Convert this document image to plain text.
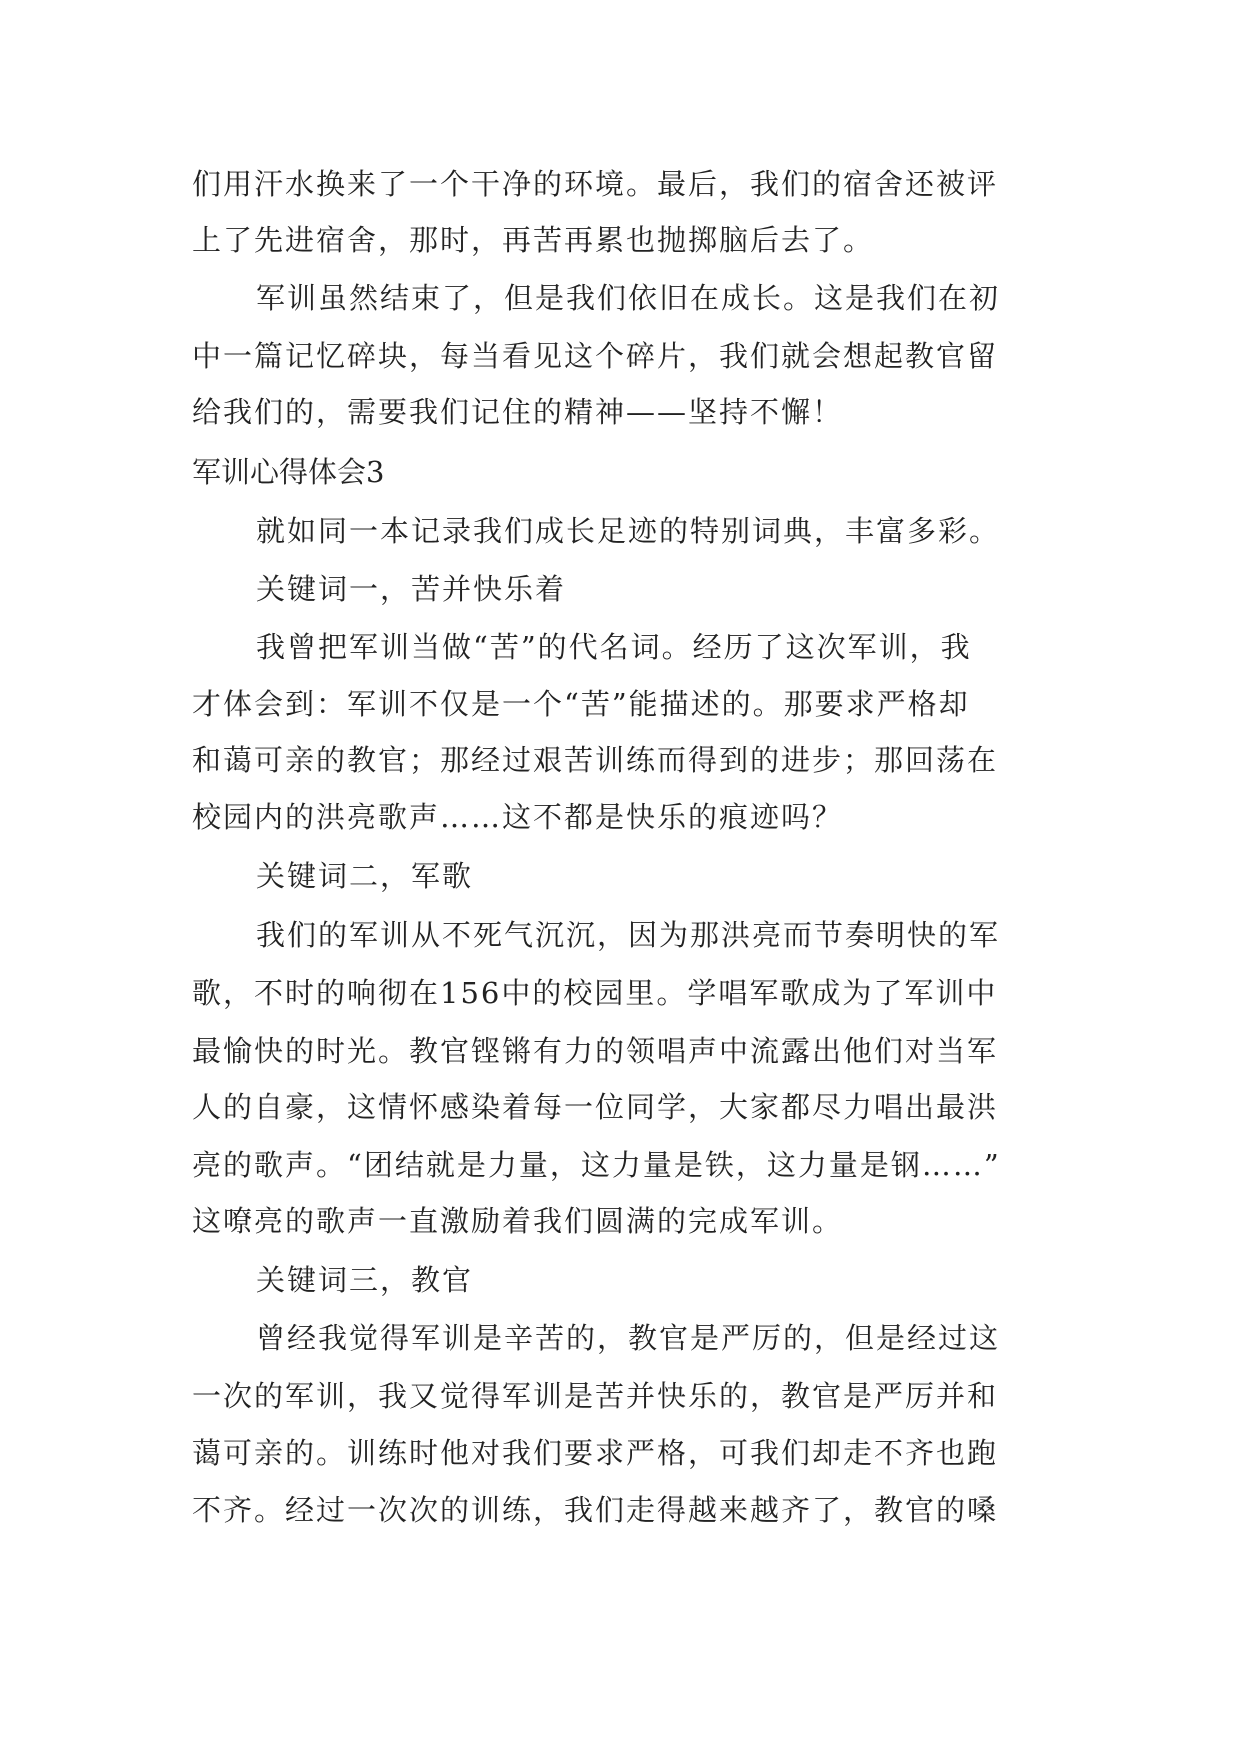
们用汗水换来了一个干净的环境。最后，我们的宿舍还被评
上了先进宿舍，那时，再苦再累也抛掷脑后去了。
军训虽然结束了，但是我们依旧在成长。这是我们在初
中一篇记忆碎块，每当看见这个碎片，我们就会想起教官留
给我们的，需要我们记住的精神——坚持不懈！
军训心得体会3
就如同一本记录我们成长足迹的特别词典，丰富多彩。
关键词一，苦并快乐着
我曾把军训当做“苦”的代名词。经历了这次军训，我
才体会到：军训不仅是一个“苦”能描述的。那要求严格却
和蔼可亲的教官；那经过艰苦训练而得到的进步；那回荡在
校园内的洪亮歌声……这不都是快乐的痕迹吗？
关键词二，军歌
我们的军训从不死气沉沉，因为那洪亮而节奏明快的军
歌，不时的响彻在156中的校园里。学唱军歌成为了军训中
最愉快的时光。教官铿锵有力的领唱声中流露出他们对当军
人的自豪，这情怀感染着每一位同学，大家都尽力唱出最洪
亮的歌声。“团结就是力量，这力量是铁，这力量是钢……”
这嘹亮的歌声一直激励着我们圆满的完成军训。
关键词三，教官
曾经我觉得军训是辛苦的，教官是严厉的，但是经过这
一次的军训，我又觉得军训是苦并快乐的，教官是严厉并和
蔼可亲的。训练时他对我们要求严格，可我们却走不齐也跑
不齐。经过一次次的训练，我们走得越来越齐了，教官的嗓
